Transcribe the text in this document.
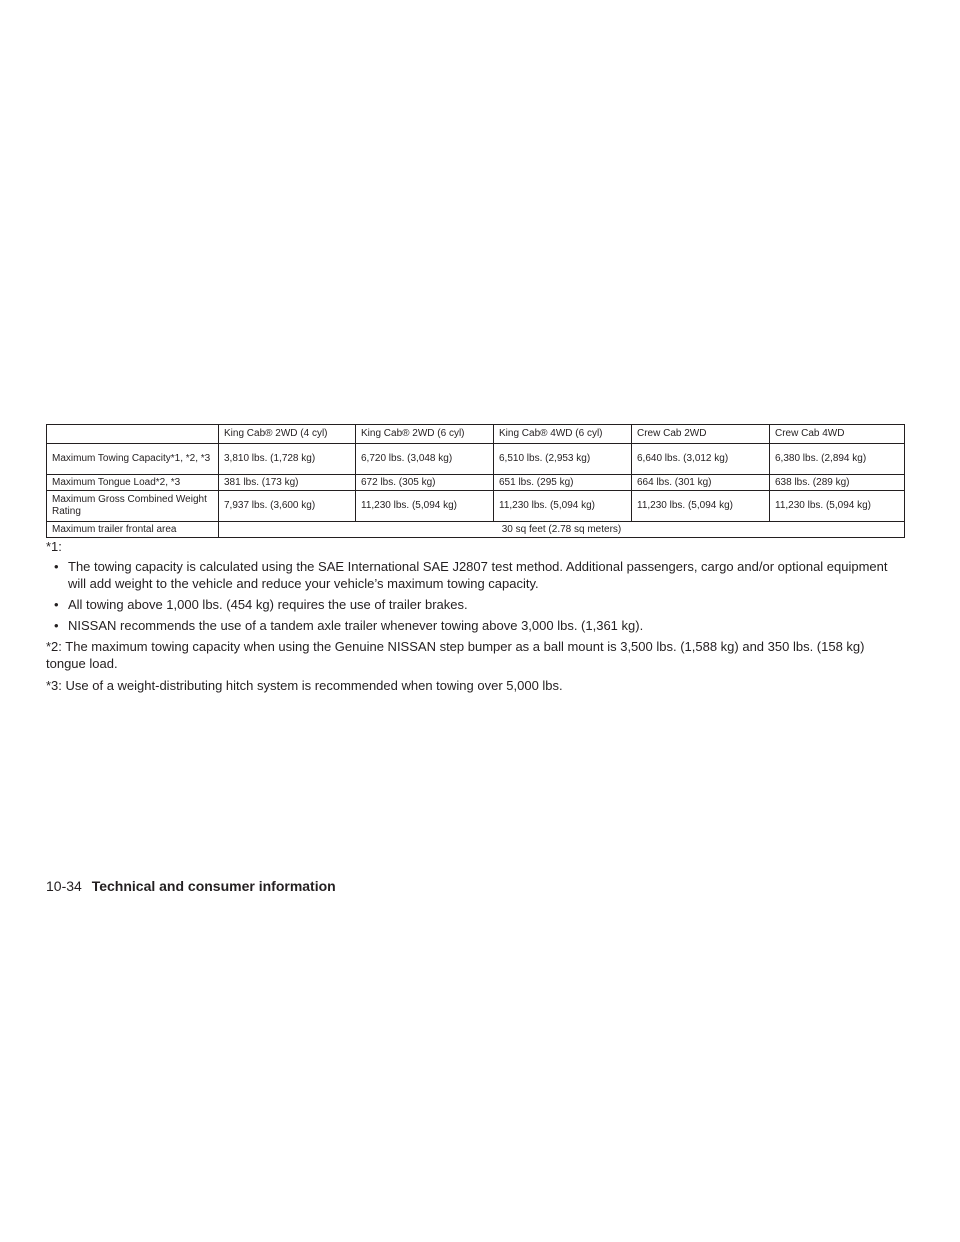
	King Cab® 2WD (4 cyl)	King Cab® 2WD (6 cyl)	King Cab® 4WD (6 cyl)	Crew Cab 2WD	Crew Cab 4WD
Maximum Towing Capacity*1, *2, *3	3,810 lbs. (1,728 kg)	6,720 lbs. (3,048 kg)	6,510 lbs. (2,953 kg)	6,640 lbs. (3,012 kg)	6,380 lbs. (2,894 kg)
Maximum Tongue Load*2, *3	381 lbs. (173 kg)	672 lbs. (305 kg)	651 lbs. (295 kg)	664 lbs. (301 kg)	638 lbs. (289 kg)
Maximum Gross Combined Weight Rating	7,937 lbs. (3,600 kg)	11,230 lbs. (5,094 kg)	11,230 lbs. (5,094 kg)	11,230 lbs. (5,094 kg)	11,230 lbs. (5,094 kg)
Maximum trailer frontal area	30 sq feet (2.78 sq meters)				

*1:

• The towing capacity is calculated using the SAE International SAE J2807 test method. Additional passengers, cargo and/or optional equipment will add weight to the vehicle and reduce your vehicle’s maximum towing capacity.
• All towing above 1,000 lbs. (454 kg) requires the use of trailer brakes.
• NISSAN recommends the use of a tandem axle trailer whenever towing above 3,000 lbs. (1,361 kg).

*2: The maximum towing capacity when using the Genuine NISSAN step bumper as a ball mount is 3,500 lbs. (1,588 kg) and 350 lbs. (158 kg) tongue load.

*3: Use of a weight-distributing hitch system is recommended when towing over 5,000 lbs.

10-34 Technical and consumer information
